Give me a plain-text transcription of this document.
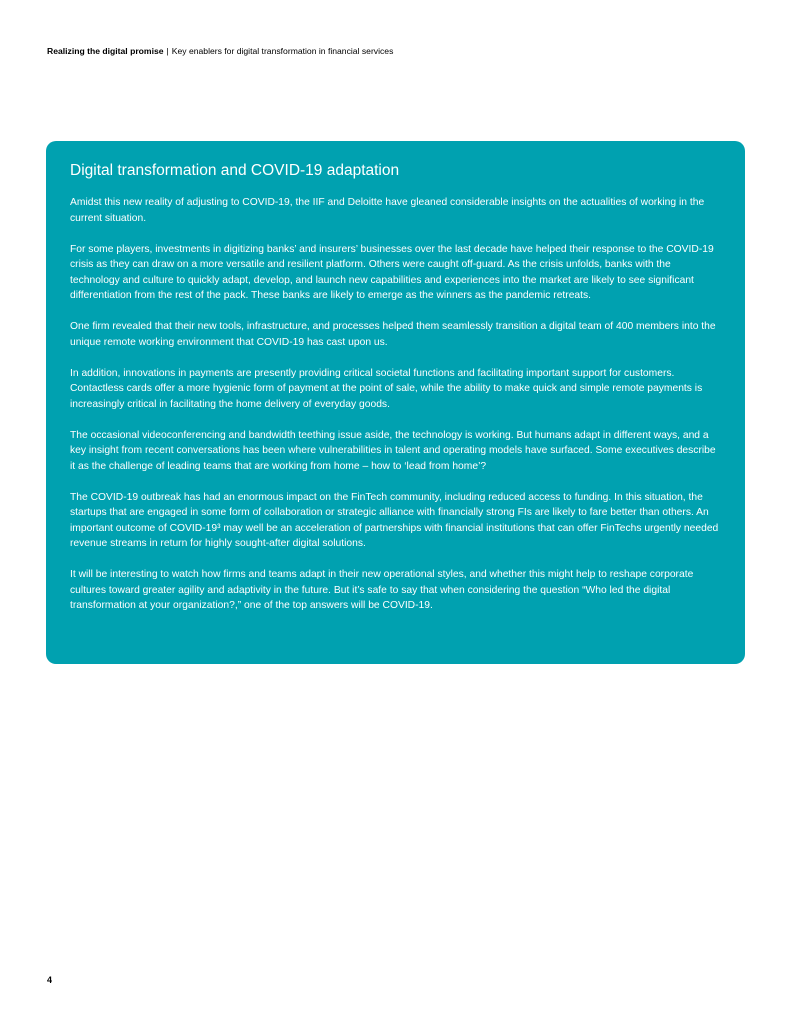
Realizing the digital promise | Key enablers for digital transformation in financial services
Digital transformation and COVID-19 adaptation

Amidst this new reality of adjusting to COVID-19, the IIF and Deloitte have gleaned considerable insights on the actualities of working in the current situation.

For some players, investments in digitizing banks’ and insurers’ businesses over the last decade have helped their response to the COVID-19 crisis as they can draw on a more versatile and resilient platform. Others were caught off-guard. As the crisis unfolds, banks with the technology and culture to quickly adapt, develop, and launch new capabilities and experiences into the market are likely to see significant differentiation from the rest of the pack. These banks are likely to emerge as the winners as the pandemic retreats.

One firm revealed that their new tools, infrastructure, and processes helped them seamlessly transition a digital team of 400 members into the unique remote working environment that COVID-19 has cast upon us.

In addition, innovations in payments are presently providing critical societal functions and facilitating important support for customers. Contactless cards offer a more hygienic form of payment at the point of sale, while the ability to make quick and simple remote payments is increasingly critical in facilitating the home delivery of everyday goods.

The occasional videoconferencing and bandwidth teething issue aside, the technology is working. But humans adapt in different ways, and a key insight from recent conversations has been where vulnerabilities in talent and operating models have surfaced. Some executives describe it as the challenge of leading teams that are working from home – how to ‘lead from home’?

The COVID-19 outbreak has had an enormous impact on the FinTech community, including reduced access to funding. In this situation, the startups that are engaged in some form of collaboration or strategic alliance with financially strong FIs are likely to fare better than others. An important outcome of COVID-19³ may well be an acceleration of partnerships with financial institutions that can offer FinTechs urgently needed revenue streams in return for highly sought-after digital solutions.

It will be interesting to watch how firms and teams adapt in their new operational styles, and whether this might help to reshape corporate cultures toward greater agility and adaptivity in the future. But it’s safe to say that when considering the question “Who led the digital transformation at your organization?,” one of the top answers will be COVID-19.

4
